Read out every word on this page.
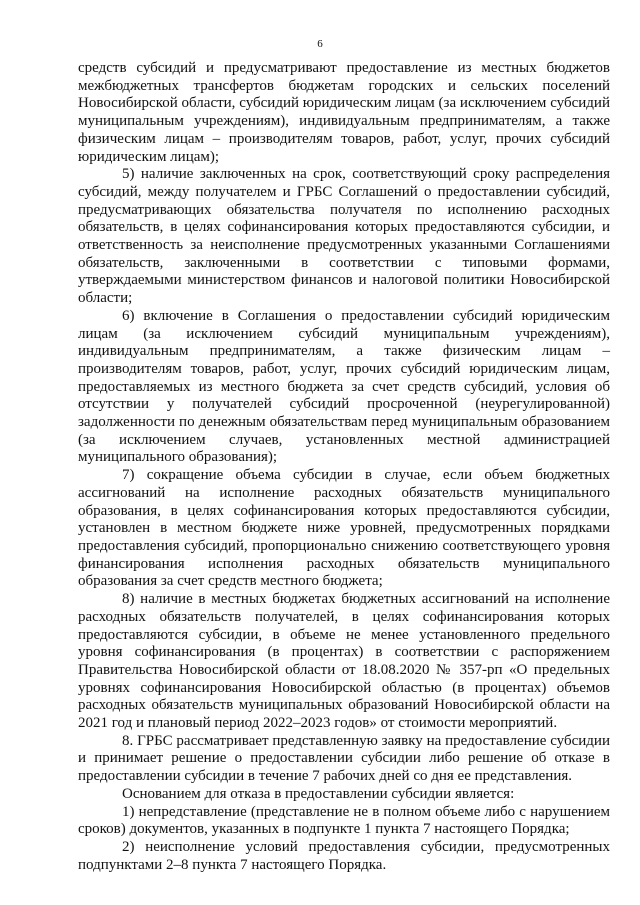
6

средств субсидий и предусматривают предоставление из местных бюджетов межбюджетных трансфертов бюджетам городских и сельских поселений Новосибирской области, субсидий юридическим лицам (за исключением субсидий муниципальным учреждениям), индивидуальным предпринимателям, а также физическим лицам – производителям товаров, работ, услуг, прочих субсидий юридическим лицам);

5) наличие заключенных на срок, соответствующий сроку распределения субсидий, между получателем и ГРБС Соглашений о предоставлении субсидий, предусматривающих обязательства получателя по исполнению расходных обязательств, в целях софинансирования которых предоставляются субсидии, и ответственность за неисполнение предусмотренных указанными Соглашениями обязательств, заключенными в соответствии с типовыми формами, утверждаемыми министерством финансов и налоговой политики Новосибирской области;

6) включение в Соглашения о предоставлении субсидий юридическим лицам (за исключением субсидий муниципальным учреждениям), индивидуальным предпринимателям, а также физическим лицам – производителям товаров, работ, услуг, прочих субсидий юридическим лицам, предоставляемых из местного бюджета за счет средств субсидий, условия об отсутствии у получателей субсидий просроченной (неурегулированной) задолженности по денежным обязательствам перед муниципальным образованием (за исключением случаев, установленных местной администрацией муниципального образования);

7) сокращение объема субсидии в случае, если объем бюджетных ассигнований на исполнение расходных обязательств муниципального образования, в целях софинансирования которых предоставляются субсидии, установлен в местном бюджете ниже уровней, предусмотренных порядками предоставления субсидий, пропорционально снижению соответствующего уровня финансирования исполнения расходных обязательств муниципального образования за счет средств местного бюджета;

8) наличие в местных бюджетах бюджетных ассигнований на исполнение расходных обязательств получателей, в целях софинансирования которых предоставляются субсидии, в объеме не менее установленного предельного уровня софинансирования (в процентах) в соответствии с распоряжением Правительства Новосибирской области от 18.08.2020 № 357-рп «О предельных уровнях софинансирования Новосибирской областью (в процентах) объемов расходных обязательств муниципальных образований Новосибирской области на 2021 год и плановый период 2022–2023 годов» от стоимости мероприятий.

8. ГРБС рассматривает представленную заявку на предоставление субсидии и принимает решение о предоставлении субсидии либо решение об отказе в предоставлении субсидии в течение 7 рабочих дней со дня ее представления.

Основанием для отказа в предоставлении субсидии является:

1) непредставление (представление не в полном объеме либо с нарушением сроков) документов, указанных в подпункте 1 пункта 7 настоящего Порядка;

2) неисполнение условий предоставления субсидии, предусмотренных подпунктами 2–8 пункта 7 настоящего Порядка.
